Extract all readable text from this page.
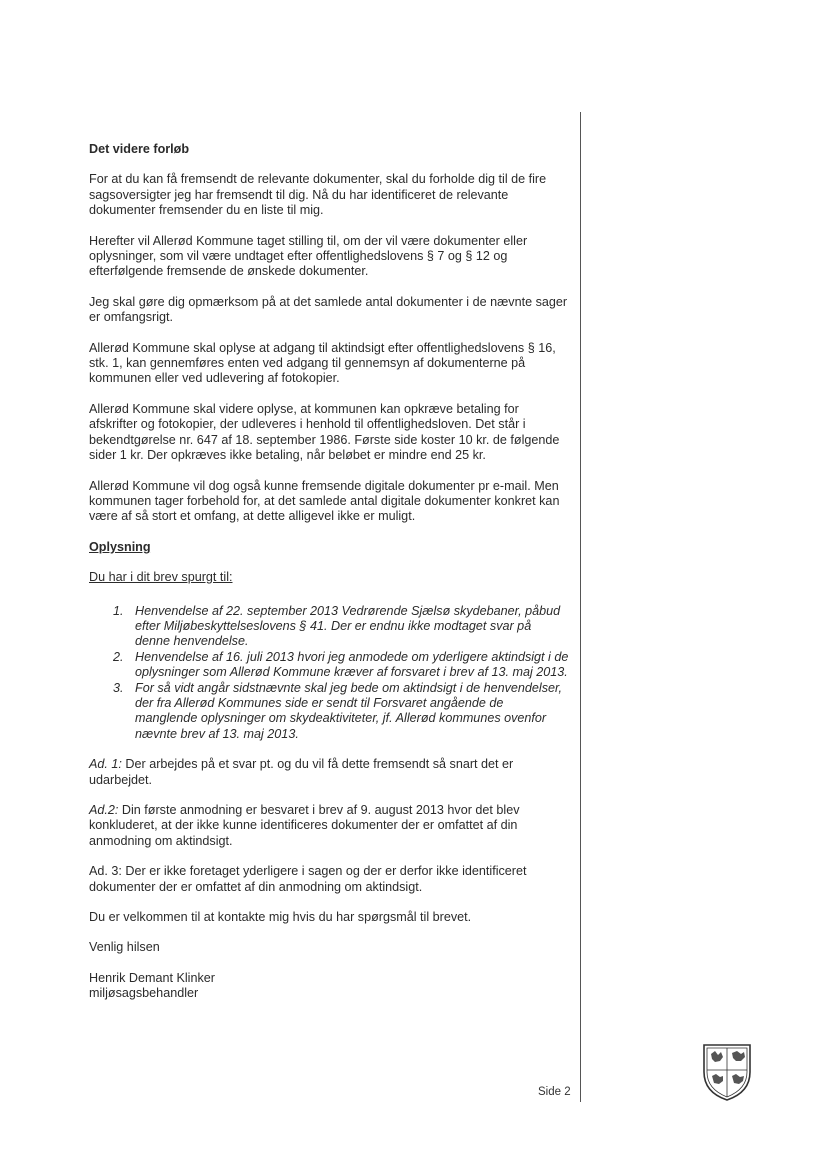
Det videre forløb

For at du kan få fremsendt de relevante dokumenter, skal du forholde dig til de fire sagsoversigter jeg har fremsendt til dig. Nå du har identificeret de relevante dokumenter fremsender du en liste til mig.

Herefter vil Allerød Kommune taget stilling til, om der vil være dokumenter eller oplysninger, som vil være undtaget efter offentlighedslovens § 7 og § 12 og efterfølgende fremsende de ønskede dokumenter.

Jeg skal gøre dig opmærksom på at det samlede antal dokumenter i de nævnte sager er omfangsrigt.

Allerød Kommune skal oplyse at adgang til aktindsigt efter offentlighedslovens § 16, stk. 1, kan gennemføres enten ved adgang til gennemsyn af dokumenterne på kommunen eller ved udlevering af fotokopier.

Allerød Kommune skal videre oplyse, at kommunen kan opkræve betaling for afskrifter og fotokopier, der udleveres i henhold til offentlighedsloven. Det står i bekendtgørelse nr. 647 af 18. september 1986. Første side koster 10 kr. de følgende sider 1 kr. Der opkræves ikke betaling, når beløbet er mindre end 25 kr.

Allerød Kommune vil dog også kunne fremsende digitale dokumenter pr e-mail. Men kommunen tager forbehold for, at det samlede antal digitale dokumenter konkret kan være af så stort et omfang, at dette alligevel ikke er muligt.

Oplysning

Du har i dit brev spurgt til:

1. Henvendelse af 22. september 2013 Vedrørende Sjælsø skydebaner, påbud efter Miljøbeskyttelseslovens § 41. Der er endnu ikke modtaget svar på denne henvendelse.
2. Henvendelse af 16. juli 2013 hvori jeg anmodede om yderligere aktindsigt i de oplysninger som Allerød Kommune kræver af forsvaret i brev af 13. maj 2013.
3. For så vidt angår sidstnævnte skal jeg bede om aktindsigt i de henvendelser, der fra Allerød Kommunes side er sendt til Forsvaret angående de manglende oplysninger om skydeaktiviteter, jf. Allerød kommunes ovenfor nævnte brev af 13. maj 2013.

Ad. 1: Der arbejdes på et svar pt. og du vil få dette fremsendt så snart det er udarbejdet.

Ad.2: Din første anmodning er besvaret i brev af 9. august 2013 hvor det blev konkluderet, at der ikke kunne identificeres dokumenter der er omfattet af din anmodning om aktindsigt.

Ad. 3: Der er ikke foretaget yderligere i sagen og der er derfor ikke identificeret dokumenter der er omfattet af din anmodning om aktindsigt.

Du er velkommen til at kontakte mig hvis du har spørgsmål til brevet.

Venlig hilsen

Henrik Demant Klinker

miljøsagsbehandler

Side 2
